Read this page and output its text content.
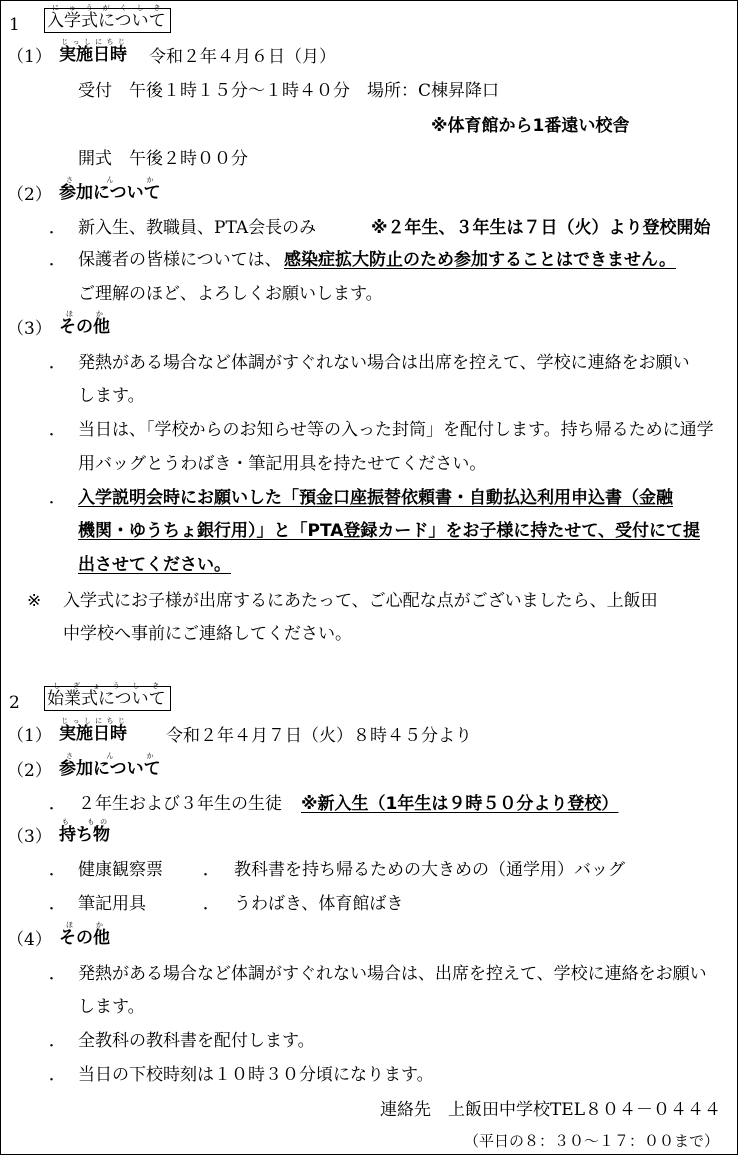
1 入学式についてにゅうがくしき
（1） 実施日時じっしにちじ
令和２年４月６日（月）
受付　午後１時１５分～１時４０分　場所：C棟昇降口
※体育館から1番遠い校舎
開式　午後２時００分
（2） 参加についてさんか
・ 新入生、教職員、PTA会長のみ	※２年生、３年生は７日（火）より登校開始
・ 保護者の皆様については、 感染症拡大防止のため参加することはできません。
ご理解のほど、よろしくお願いします。
（3） その他ほか
・ 発熱がある場合など体調がすぐれない場合は出席を控えて、学校に連絡をお願い
します。
・ 当日は、「学校からのお知らせ等の入った封筒」を配付します。持ち帰るために通学
用バッグとうわばき・筆記用具を持たせてください。
・ 入学説明会時にお願いした「預金口座振替依頼書・自動払込利用申込書（金融
機関・ゆうちょ銀行用）」と「PTA登録カード」をお子様に持たせて、受付にて提
出させてください。
※ 入学式にお子様が出席するにあたって、ご心配な点がございましたら、上飯田
中学校へ事前にご連絡してください。
2 始業式についてしぎょうしき
（1） 実施日時じっしにちじ
令和２年４月７日（火）８時４５分より
（2） 参加についてさんか
・ ２年生および３年生の生徒 ※新入生（1年生は９時５０分より登校）
（3） 持ち物も　もの
・ 健康観察票	・ 教科書を持ち帰るための大きめの（通学用）バッグ
・ 筆記用具	・ うわばき、体育館ばき
（4） その他ほか
・ 発熱がある場合など体調がすぐれない場合は、出席を控えて、学校に連絡をお願い
します。
・ 全教科の教科書を配付します。
・ 当日の下校時刻は１０時３０分頃になります。
連絡先　上飯田中学校TEL８０４－０４４４
（平日の８：３０～１７：００まで）
